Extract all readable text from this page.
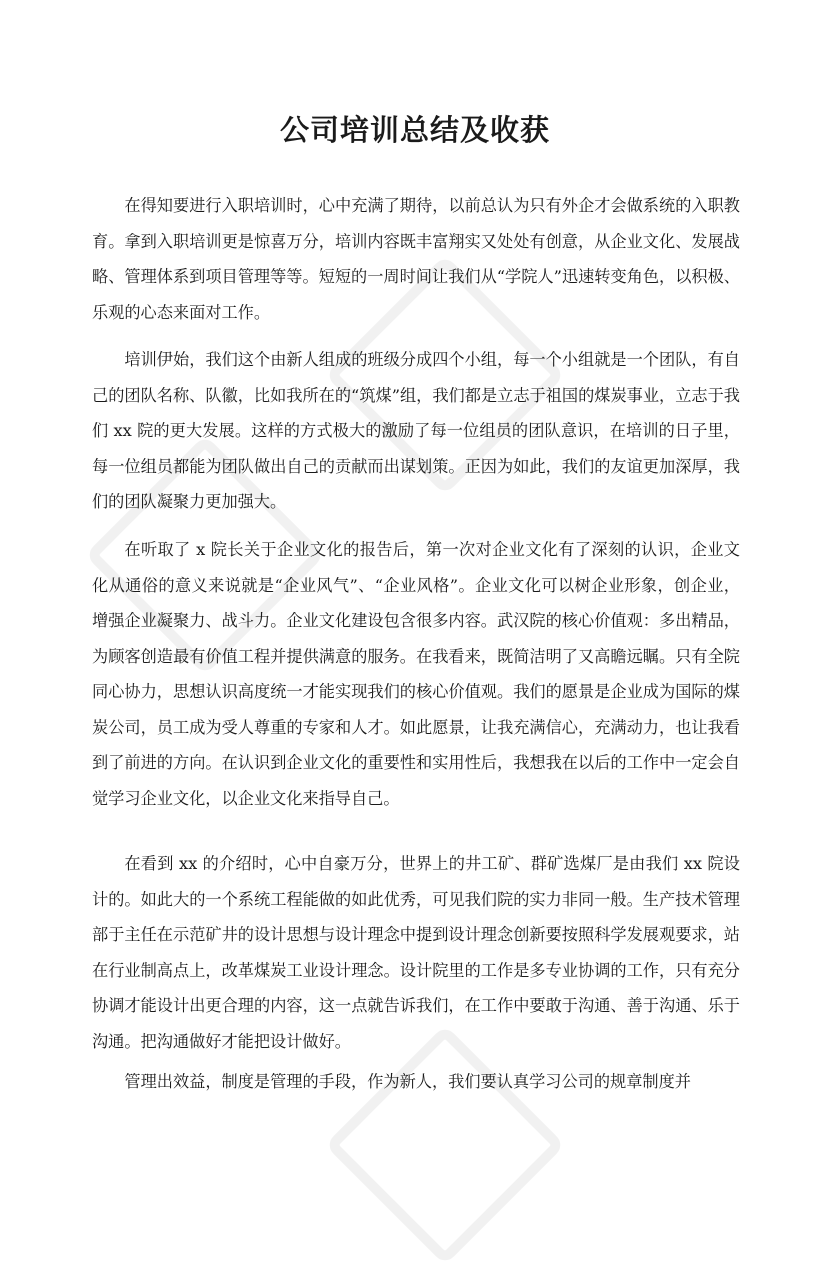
公司培训总结及收获

在得知要进行入职培训时，心中充满了期待，以前总认为只有外企才会做系统的入职教育。拿到入职培训更是惊喜万分，培训内容既丰富翔实又处处有创意，从企业文化、发展战略、管理体系到项目管理等等。短短的一周时间让我们从“学院人”迅速转变角色，以积极、乐观的心态来面对工作。

培训伊始，我们这个由新人组成的班级分成四个小组，每一个小组就是一个团队，有自己的团队名称、队徽，比如我所在的“筑煤”组，我们都是立志于祖国的煤炭事业，立志于我们 xx 院的更大发展。这样的方式极大的激励了每一位组员的团队意识，在培训的日子里，每一位组员都能为团队做出自己的贡献而出谋划策。正因为如此，我们的友谊更加深厚，我们的团队凝聚力更加强大。

在听取了 x 院长关于企业文化的报告后，第一次对企业文化有了深刻的认识，企业文化从通俗的意义来说就是“企业风气”、“企业风格”。企业文化可以树企业形象，创企业，增强企业凝聚力、战斗力。企业文化建设包含很多内容。武汉院的核心价值观：多出精品，为顾客创造最有价值工程并提供满意的服务。在我看来，既简洁明了又高瞻远瞩。只有全院同心协力，思想认识高度统一才能实现我们的核心价值观。我们的愿景是企业成为国际的煤炭公司，员工成为受人尊重的专家和人才。如此愿景，让我充满信心，充满动力，也让我看到了前进的方向。在认识到企业文化的重要性和实用性后，我想我在以后的工作中一定会自觉学习企业文化，以企业文化来指导自己。

在看到 xx 的介绍时，心中自豪万分，世界上的井工矿、群矿选煤厂是由我们 xx 院设计的。如此大的一个系统工程能做的如此优秀，可见我们院的实力非同一般。生产技术管理部于主任在示范矿井的设计思想与设计理念中提到设计理念创新要按照科学发展观要求，站在行业制高点上，改革煤炭工业设计理念。设计院里的工作是多专业协调的工作，只有充分协调才能设计出更合理的内容，这一点就告诉我们，在工作中要敢于沟通、善于沟通、乐于沟通。把沟通做好才能把设计做好。

管理出效益，制度是管理的手段，作为新人，我们要认真学习公司的规章制度并
